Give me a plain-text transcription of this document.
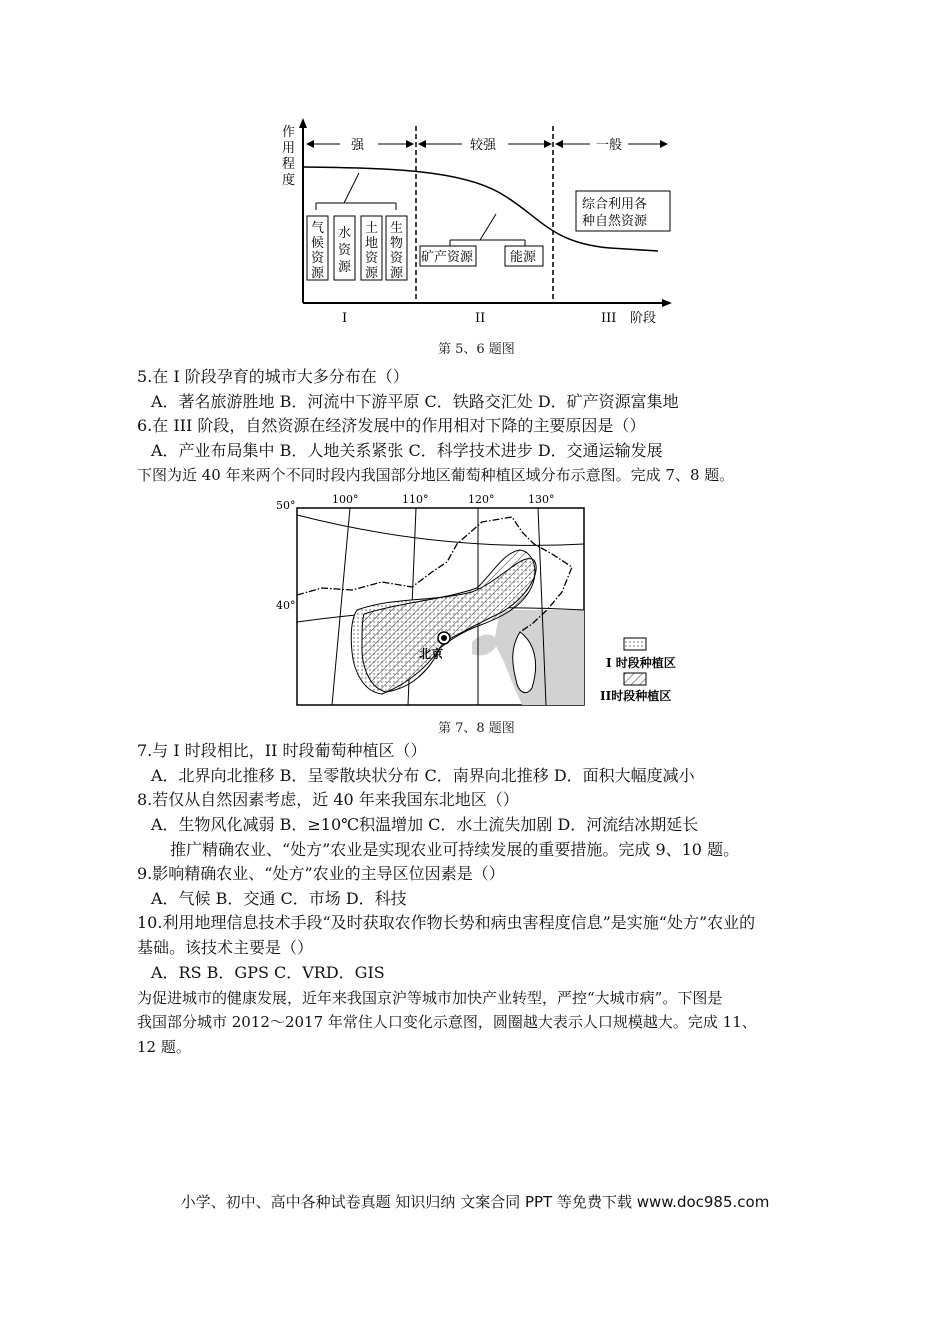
作
用
程
度
强	较强	一般
气
候
资
源
水
资
源
土
地
资
源
生
物
资
源
矿产资源	能源
综合利用各
种自然资源
I	II	III 阶段
第 5、6 题图
5.在 I 阶段孕育的城市大多分布在（）
A．著名旅游胜地 B．河流中下游平原 C．铁路交汇处 D．矿产资源富集地
6.在 III 阶段，自然资源在经济发展中的作用相对下降的主要原因是（）
A．产业布局集中 B．人地关系紧张 C．科学技术进步 D．交通运输发展
下图为近 40 年来两个不同时段内我国部分地区葡萄种植区域分布示意图。完成 7、8 题。
50°
40°
100°	110°	120°	130°
北京
I 时段种植区
II时段种植区
第 7、8 题图
7.与 I 时段相比，II 时段葡萄种植区（）
A．北界向北推移 B．呈零散块状分布 C．南界向北推移 D．面积大幅度减小
8.若仅从自然因素考虑，近 40 年来我国东北地区（）
A．生物风化减弱 B．≥10℃积温增加 C．水土流失加剧 D．河流结冰期延长
推广精确农业、“处方”农业是实现农业可持续发展的重要措施。完成 9、10 题。
9.影响精确农业、“处方”农业的主导区位因素是（）
A．气候 B．交通 C．市场 D．科技
10.利用地理信息技术手段“及时获取农作物长势和病虫害程度信息”是实施“处方”农业的
基础。该技术主要是（）
A．RS B．GPS C．VRD．GIS
为促进城市的健康发展，近年来我国京沪等城市加快产业转型，严控“大城市病”。下图是
我国部分城市 2012～2017 年常住人口变化示意图，圆圈越大表示人口规模越大。完成 11、
12 题。
小学、初中、高中各种试卷真题 知识归纳 文案合同 PPT 等免费下载 www.doc985.com
